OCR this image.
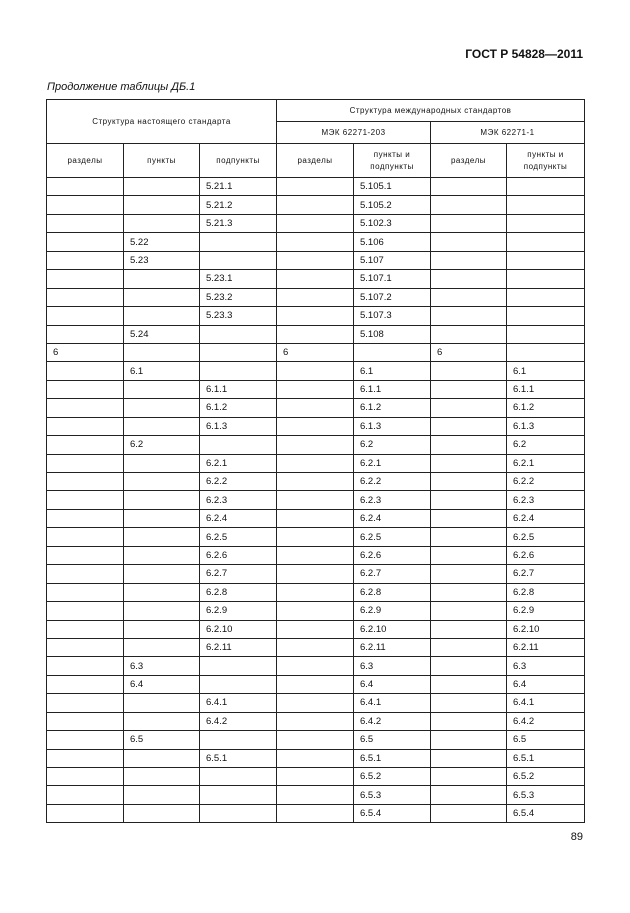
ГОСТ Р 54828—2011
Продолжение таблицы ДБ.1
Структура настоящего стандарта			Структура международных стандартов			
			МЭК 62271-203		МЭК 62271-1	
разделы	пункты	подпункты	разделы	пункты и подпункты	разделы	пункты и подпункты
		5.21.1		5.105.1		
		5.21.2		5.105.2		
		5.21.3		5.102.3		
	5.22			5.106		
	5.23			5.107		
		5.23.1		5.107.1		
		5.23.2		5.107.2		
		5.23.3		5.107.3		
	5.24			5.108		
6			6		6	
	6.1			6.1		6.1
		6.1.1		6.1.1		6.1.1
		6.1.2		6.1.2		6.1.2
		6.1.3		6.1.3		6.1.3
	6.2			6.2		6.2
		6.2.1		6.2.1		6.2.1
		6.2.2		6.2.2		6.2.2
		6.2.3		6.2.3		6.2.3
		6.2.4		6.2.4		6.2.4
		6.2.5		6.2.5		6.2.5
		6.2.6		6.2.6		6.2.6
		6.2.7		6.2.7		6.2.7
		6.2.8		6.2.8		6.2.8
		6.2.9		6.2.9		6.2.9
		6.2.10		6.2.10		6.2.10
		6.2.11		6.2.11		6.2.11
	6.3			6.3		6.3
	6.4			6.4		6.4
		6.4.1		6.4.1		6.4.1
		6.4.2		6.4.2		6.4.2
	6.5			6.5		6.5
		6.5.1		6.5.1		6.5.1
				6.5.2		6.5.2
				6.5.3		6.5.3
				6.5.4		6.5.4
89
